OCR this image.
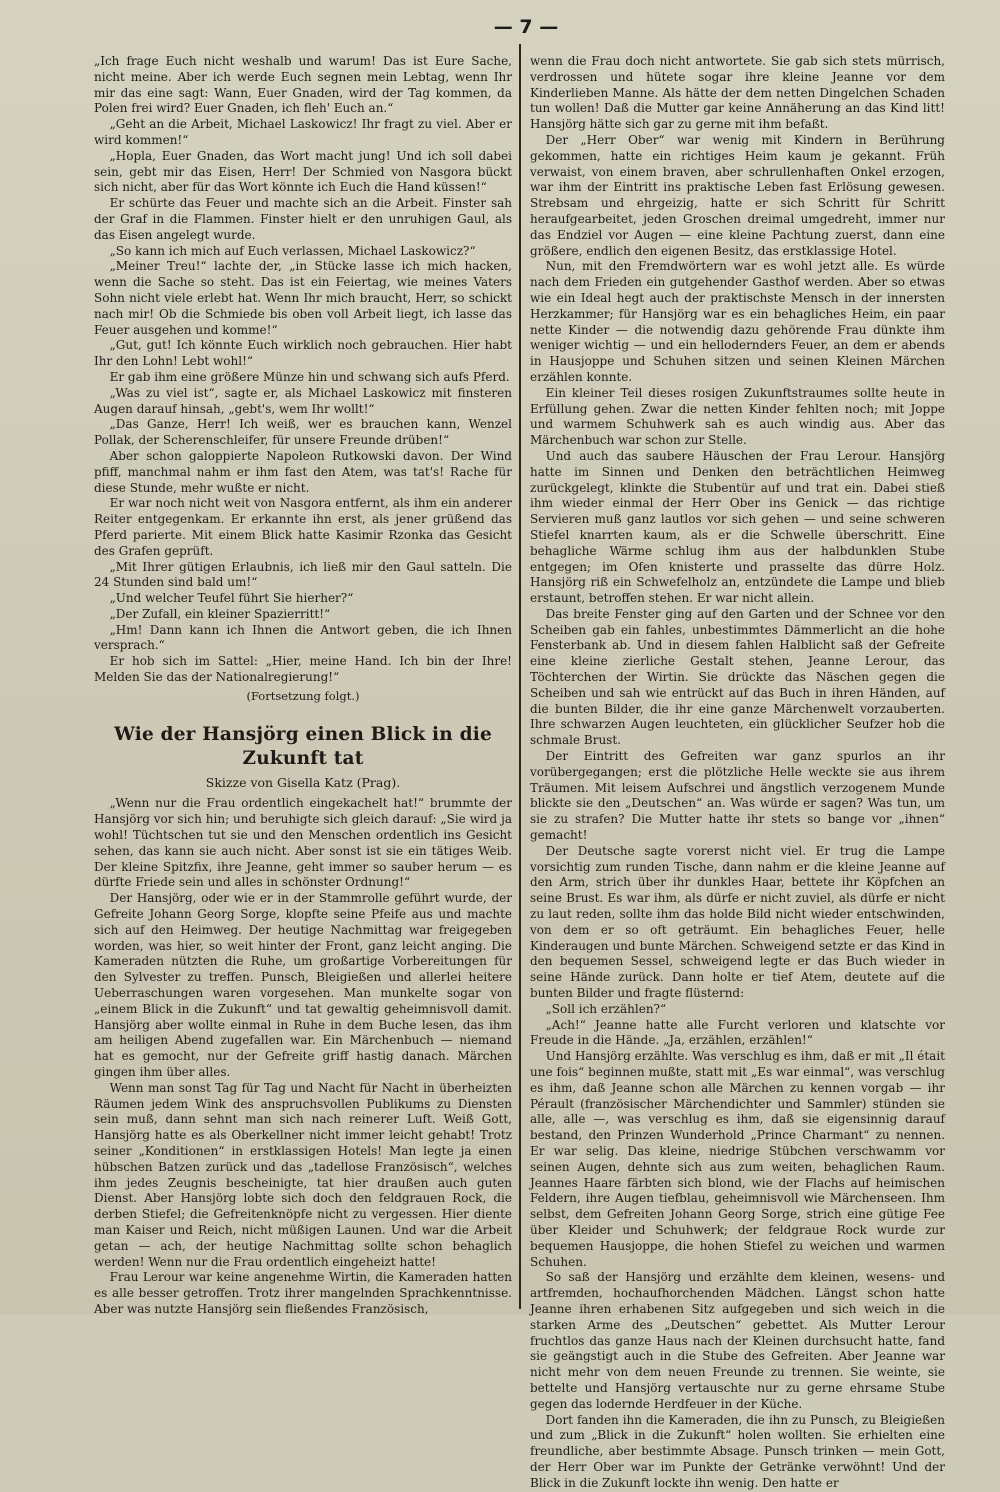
— 7 —

„Ich frage Euch nicht weshalb und warum! Das ist Eure Sache, nicht meine. Aber ich werde Euch segnen mein Lebtag, wenn Ihr mir das eine sagt: Wann, Euer Gnaden, wird der Tag kommen, da Polen frei wird? Euer Gnaden, ich fleh' Euch an.“

„Geht an die Arbeit, Michael Laskowicz! Ihr fragt zu viel. Aber er wird kommen!“

„Hopla, Euer Gnaden, das Wort macht jung! Und ich soll dabei sein, gebt mir das Eisen, Herr! Der Schmied von Nasgora bückt sich nicht, aber für das Wort könnte ich Euch die Hand küssen!“

Er schürte das Feuer und machte sich an die Arbeit. Finster sah der Graf in die Flammen. Finster hielt er den unruhigen Gaul, als das Eisen angelegt wurde.

„So kann ich mich auf Euch verlassen, Michael Laskowicz?“

„Meiner Treu!“ lachte der, „in Stücke lasse ich mich hacken, wenn die Sache so steht. Das ist ein Feiertag, wie meines Vaters Sohn nicht viele erlebt hat. Wenn Ihr mich braucht, Herr, so schickt nach mir! Ob die Schmiede bis oben voll Arbeit liegt, ich lasse das Feuer ausgehen und komme!“

„Gut, gut! Ich könnte Euch wirklich noch gebrauchen. Hier habt Ihr den Lohn! Lebt wohl!“

Er gab ihm eine größere Münze hin und schwang sich aufs Pferd.

„Was zu viel ist“, sagte er, als Michael Laskowicz mit finsteren Augen darauf hinsah, „gebt's, wem Ihr wollt!“

„Das Ganze, Herr! Ich weiß, wer es brauchen kann, Wenzel Pollak, der Scherenschleifer, für unsere Freunde drüben!“

Aber schon galoppierte Napoleon Rutkowski davon. Der Wind pfiff, manchmal nahm er ihm fast den Atem, was tat's! Rache für diese Stunde, mehr wußte er nicht.

Er war noch nicht weit von Nasgora entfernt, als ihm ein anderer Reiter entgegenkam. Er erkannte ihn erst, als jener grüßend das Pferd parierte. Mit einem Blick hatte Kasimir Rzonka das Gesicht des Grafen geprüft.

„Mit Ihrer gütigen Erlaubnis, ich ließ mir den Gaul satteln. Die 24 Stunden sind bald um!“

„Und welcher Teufel führt Sie hierher?“

„Der Zufall, ein kleiner Spazierritt!“

„Hm! Dann kann ich Ihnen die Antwort geben, die ich Ihnen versprach.“

Er hob sich im Sattel: „Hier, meine Hand. Ich bin der Ihre! Melden Sie das der Nationalregierung!“

(Fortsetzung folgt.)

Wie der Hansjörg einen Blick in die Zukunft tat
Skizze von Gisella Katz (Prag).

„Wenn nur die Frau ordentlich eingekachelt hat!“ brummte der Hansjörg vor sich hin; und beruhigte sich gleich darauf: „Sie wird ja wohl! Tüchtschen tut sie und den Menschen ordentlich ins Gesicht sehen, das kann sie auch nicht. Aber sonst ist sie ein tätiges Weib. Der kleine Spitzfix, ihre Jeanne, geht immer so sauber herum — es dürfte Friede sein und alles in schönster Ordnung!“

Der Hansjörg, oder wie er in der Stammrolle geführt wurde, der Gefreite Johann Georg Sorge, klopfte seine Pfeife aus und machte sich auf den Heimweg. Der heutige Nachmittag war freigegeben worden, was hier, so weit hinter der Front, ganz leicht anging. Die Kameraden nützten die Ruhe, um großartige Vorbereitungen für den Sylvester zu treffen. Punsch, Bleigießen und allerlei heitere Ueberraschungen waren vorgesehen. Man munkelte sogar von „einem Blick in die Zukunft“ und tat gewaltig geheimnisvoll damit. Hansjörg aber wollte einmal in Ruhe in dem Buche lesen, das ihm am heiligen Abend zugefallen war. Ein Märchenbuch — niemand hat es gemocht, nur der Gefreite griff hastig danach. Märchen gingen ihm über alles.

Wenn man sonst Tag für Tag und Nacht für Nacht in überheizten Räumen jedem Wink des anspruchsvollen Publikums zu Diensten sein muß, dann sehnt man sich nach reinerer Luft. Weiß Gott, Hansjörg hatte es als Oberkellner nicht immer leicht gehabt! Trotz seiner „Konditionen“ in erstklassigen Hotels! Man legte ja einen hübschen Batzen zurück und das „tadellose Französisch“, welches ihm jedes Zeugnis bescheinigte, tat hier draußen auch guten Dienst. Aber Hansjörg lobte sich doch den feldgrauen Rock, die derben Stiefel; die Gefreitenknöpfe nicht zu vergessen. Hier diente man Kaiser und Reich, nicht müßigen Launen. Und war die Arbeit getan — ach, der heutige Nachmittag sollte schon behaglich werden! Wenn nur die Frau ordentlich eingeheizt hatte!

Frau Lerour war keine angenehme Wirtin, die Kameraden hatten es alle besser getroffen. Trotz ihrer mangelnden Sprachkenntnisse. Aber was nutzte Hansjörg sein fließendes Französisch,

wenn die Frau doch nicht antwortete. Sie gab sich stets mürrisch, verdrossen und hütete sogar ihre kleine Jeanne vor dem Kinderlieben Manne. Als hätte der dem netten Dingelchen Schaden tun wollen! Daß die Mutter gar keine Annäherung an das Kind litt! Hansjörg hätte sich gar zu gerne mit ihm befaßt.

Der „Herr Ober“ war wenig mit Kindern in Berührung gekommen, hatte ein richtiges Heim kaum je gekannt. Früh verwaist, von einem braven, aber schrullenhaften Onkel erzogen, war ihm der Eintritt ins praktische Leben fast Erlösung gewesen. Strebsam und ehrgeizig, hatte er sich Schritt für Schritt heraufgearbeitet, jeden Groschen dreimal umgedreht, immer nur das Endziel vor Augen — eine kleine Pachtung zuerst, dann eine größere, endlich den eigenen Besitz, das erstklassige Hotel.

Nun, mit den Fremdwörtern war es wohl jetzt alle. Es würde nach dem Frieden ein gutgehender Gasthof werden. Aber so etwas wie ein Ideal hegt auch der praktischste Mensch in der innersten Herzkammer; für Hansjörg war es ein behagliches Heim, ein paar nette Kinder — die notwendig dazu gehörende Frau dünkte ihm weniger wichtig — und ein hellodernders Feuer, an dem er abends in Hausjoppe und Schuhen sitzen und seinen Kleinen Märchen erzählen konnte.

Ein kleiner Teil dieses rosigen Zukunftstraumes sollte heute in Erfüllung gehen. Zwar die netten Kinder fehlten noch; mit Joppe und warmem Schuhwerk sah es auch windig aus. Aber das Märchenbuch war schon zur Stelle.

Und auch das saubere Häuschen der Frau Lerour. Hansjörg hatte im Sinnen und Denken den beträchtlichen Heimweg zurückgelegt, klinkte die Stubentür auf und trat ein. Dabei stieß ihm wieder einmal der Herr Ober ins Genick — das richtige Servieren muß ganz lautlos vor sich gehen — und seine schweren Stiefel knarrten kaum, als er die Schwelle überschritt. Eine behagliche Wärme schlug ihm aus der halbdunklen Stube entgegen; im Ofen knisterte und prasselte das dürre Holz. Hansjörg riß ein Schwefelholz an, entzündete die Lampe und blieb erstaunt, betroffen stehen. Er war nicht allein.

Das breite Fenster ging auf den Garten und der Schnee vor den Scheiben gab ein fahles, unbestimmtes Dämmerlicht an die hohe Fensterbank ab. Und in diesem fahlen Halblicht saß der Gefreite eine kleine zierliche Gestalt stehen, Jeanne Lerour, das Töchterchen der Wirtin. Sie drückte das Näschen gegen die Scheiben und sah wie entrückt auf das Buch in ihren Händen, auf die bunten Bilder, die ihr eine ganze Märchenwelt vorzauberten. Ihre schwarzen Augen leuchteten, ein glücklicher Seufzer hob die schmale Brust.

Der Eintritt des Gefreiten war ganz spurlos an ihr vorübergegangen; erst die plötzliche Helle weckte sie aus ihrem Träumen. Mit leisem Aufschrei und ängstlich verzogenem Munde blickte sie den „Deutschen“ an. Was würde er sagen? Was tun, um sie zu strafen? Die Mutter hatte ihr stets so bange vor „ihnen“ gemacht!

Der Deutsche sagte vorerst nicht viel. Er trug die Lampe vorsichtig zum runden Tische, dann nahm er die kleine Jeanne auf den Arm, strich über ihr dunkles Haar, bettete ihr Köpfchen an seine Brust. Es war ihm, als dürfe er nicht zuviel, als dürfe er nicht zu laut reden, sollte ihm das holde Bild nicht wieder entschwinden, von dem er so oft geträumt. Ein behagliches Feuer, helle Kinderaugen und bunte Märchen. Schweigend setzte er das Kind in den bequemen Sessel, schweigend legte er das Buch wieder in seine Hände zurück. Dann holte er tief Atem, deutete auf die bunten Bilder und fragte flüsternd:

„Soll ich erzählen?“

„Ach!“ Jeanne hatte alle Furcht verloren und klatschte vor Freude in die Hände. „Ja, erzählen, erzählen!“

Und Hansjörg erzählte. Was verschlug es ihm, daß er mit „Il était une fois“ beginnen mußte, statt mit „Es war einmal“, was verschlug es ihm, daß Jeanne schon alle Märchen zu kennen vorgab — ihr Pérault (französischer Märchendichter und Sammler) stünden sie alle, alle —, was verschlug es ihm, daß sie eigensinnig darauf bestand, den Prinzen Wunderhold „Prince Charmant“ zu nennen. Er war selig. Das kleine, niedrige Stübchen verschwamm vor seinen Augen, dehnte sich aus zum weiten, behaglichen Raum. Jeannes Haare färbten sich blond, wie der Flachs auf heimischen Feldern, ihre Augen tiefblau, geheimnisvoll wie Märchenseen. Ihm selbst, dem Gefreiten Johann Georg Sorge, strich eine gütige Fee über Kleider und Schuhwerk; der feldgraue Rock wurde zur bequemen Hausjoppe, die hohen Stiefel zu weichen und warmen Schuhen.

So saß der Hansjörg und erzählte dem kleinen, wesens- und artfremden, hochaufhorchenden Mädchen. Längst schon hatte Jeanne ihren erhabenen Sitz aufgegeben und sich weich in die starken Arme des „Deutschen“ gebettet. Als Mutter Lerour fruchtlos das ganze Haus nach der Kleinen durchsucht hatte, fand sie geängstigt auch in die Stube des Gefreiten. Aber Jeanne war nicht mehr von dem neuen Freunde zu trennen. Sie weinte, sie bettelte und Hansjörg vertauschte nur zu gerne ehrsame Stube gegen das lodernde Herdfeuer in der Küche.

Dort fanden ihn die Kameraden, die ihn zu Punsch, zu Bleigießen und zum „Blick in die Zukunft“ holen wollten. Sie erhielten eine freundliche, aber bestimmte Absage. Punsch trinken — mein Gott, der Herr Ober war im Punkte der Getränke verwöhnt! Und der Blick in die Zukunft lockte ihn wenig. Den hatte er
